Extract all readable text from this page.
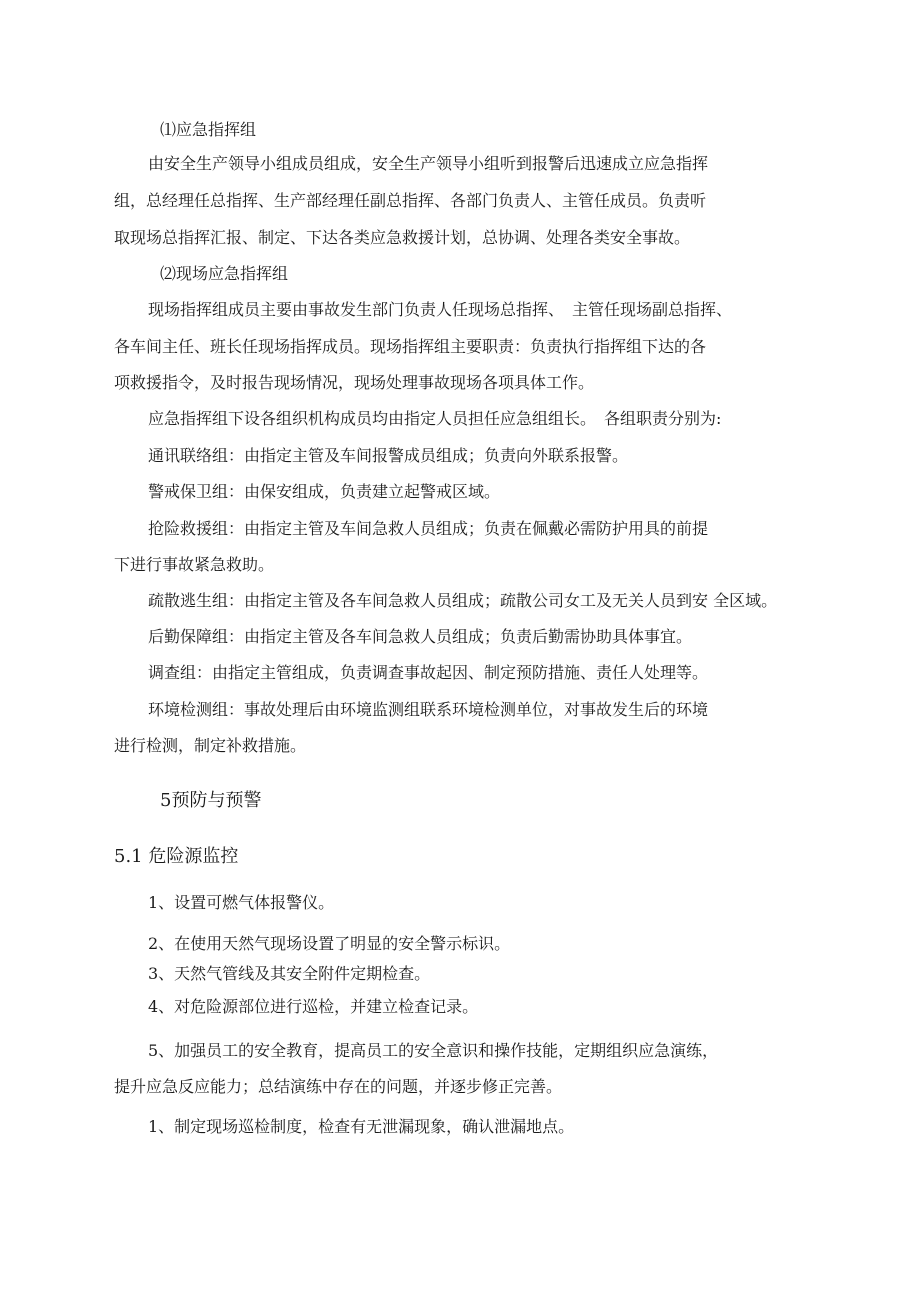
⑴应急指挥组
由安全生产领导小组成员组成，安全生产领导小组听到报警后迅速成立应急指挥
组，总经理任总指挥、生产部经理任副总指挥、各部门负责人、主管任成员。负责听
取现场总指挥汇报、制定、下达各类应急救援计划，总协调、处理各类安全事故。
⑵现场应急指挥组
现场指挥组成员主要由事故发生部门负责人任现场总指挥、　主管任现场副总指挥、
各车间主任、班长任现场指挥成员。现场指挥组主要职责：负责执行指挥组下达的各
项救援指令，及时报告现场情况，现场处理事故现场各项具体工作。
应急指挥组下设各组织机构成员均由指定人员担任应急组组长。　各组职责分别为:
通讯联络组：由指定主管及车间报警成员组成；负责向外联系报警。
警戒保卫组：由保安组成，负责建立起警戒区域。
抢险救援组：由指定主管及车间急救人员组成；负责在佩戴必需防护用具的前提
下进行事故紧急救助。
疏散逃生组：由指定主管及各车间急救人员组成；疏散公司女工及无关人员到安 全区域。
后勤保障组：由指定主管及各车间急救人员组成；负责后勤需协助具体事宜。
调查组：由指定主管组成，负责调查事故起因、制定预防措施、责任人处理等。
环境检测组：事故处理后由环境监测组联系环境检测单位，对事故发生后的环境
进行检测，制定补救措施。
5预防与预警
5.1 危险源监控
1、设置可燃气体报警仪。
2、在使用天然气现场设置了明显的安全警示标识。
3、天然气管线及其安全附件定期检查。
4、对危险源部位进行巡检，并建立检查记录。
5、加强员工的安全教育，提高员工的安全意识和操作技能，定期组织应急演练，
提升应急反应能力；总结演练中存在的问题，并逐步修正完善。
1、制定现场巡检制度，检查有无泄漏现象，确认泄漏地点。
